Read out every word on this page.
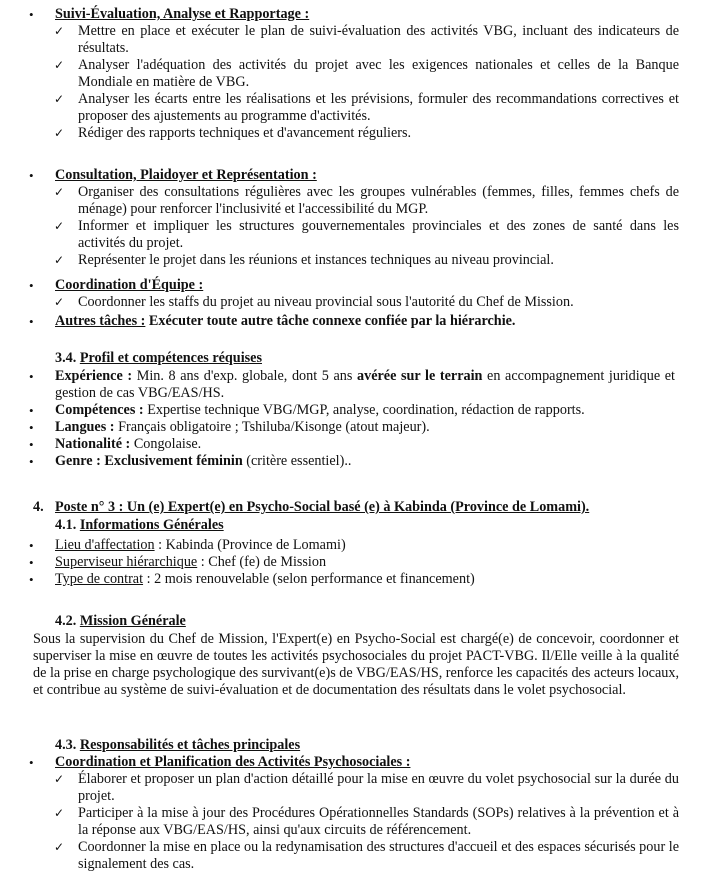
• Suivi-Évaluation, Analyse et Rapportage :
✓ Mettre en place et exécuter le plan de suivi-évaluation des activités VBG, incluant des indicateurs de résultats.
✓ Analyser l'adéquation des activités du projet avec les exigences nationales et celles de la Banque Mondiale en matière de VBG.
✓ Analyser les écarts entre les réalisations et les prévisions, formuler des recommandations correctives et proposer des ajustements au programme d'activités.
✓ Rédiger des rapports techniques et d'avancement réguliers.
• Consultation, Plaidoyer et Représentation :
✓ Organiser des consultations régulières avec les groupes vulnérables (femmes, filles, femmes chefs de ménage) pour renforcer l'inclusivité et l'accessibilité du MGP.
✓ Informer et impliquer les structures gouvernementales provinciales et des zones de santé dans les activités du projet.
✓ Représenter le projet dans les réunions et instances techniques au niveau provincial.
• Coordination d'Équipe :
✓ Coordonner les staffs du projet au niveau provincial sous l'autorité du Chef de Mission.
• Autres tâches : Exécuter toute autre tâche connexe confiée par la hiérarchie.
3.4. Profil et compétences réquises
• Expérience : Min. 8 ans d'exp. globale, dont 5 ans avérée sur le terrain en accompagnement juridique et gestion de cas VBG/EAS/HS.
• Compétences : Expertise technique VBG/MGP, analyse, coordination, rédaction de rapports.
• Langues : Français obligatoire ; Tshiluba/Kisonge (atout majeur).
• Nationalité : Congolaise.
• Genre : Exclusivement féminin (critère essentiel)..
4. Poste n° 3 : Un (e) Expert(e) en Psycho-Social basé (e) à Kabinda (Province de Lomami).
4.1. Informations Générales
• Lieu d'affectation : Kabinda (Province de Lomami)
• Superviseur hiérarchique : Chef (fe) de Mission
• Type de contrat : 2 mois renouvelable (selon performance et financement)
4.2. Mission Générale
Sous la supervision du Chef de Mission, l'Expert(e) en Psycho-Social est chargé(e) de concevoir, coordonner et superviser la mise en œuvre de toutes les activités psychosociales du projet PACT-VBG. Il/Elle veille à la qualité de la prise en charge psychologique des survivant(e)s de VBG/EAS/HS, renforce les capacités des acteurs locaux, et contribue au système de suivi-évaluation et de documentation des résultats dans le volet psychosocial.
4.3. Responsabilités et tâches principales
• Coordination et Planification des Activités Psychosociales :
✓ Élaborer et proposer un plan d'action détaillé pour la mise en œuvre du volet psychosocial sur la durée du projet.
✓ Participer à la mise à jour des Procédures Opérationnelles Standards (SOPs) relatives à la prévention et à la réponse aux VBG/EAS/HS, ainsi qu'aux circuits de référencement.
✓ Coordonner la mise en place ou la redynamisation des structures d'accueil et des espaces sécurisés pour le signalement des cas.
